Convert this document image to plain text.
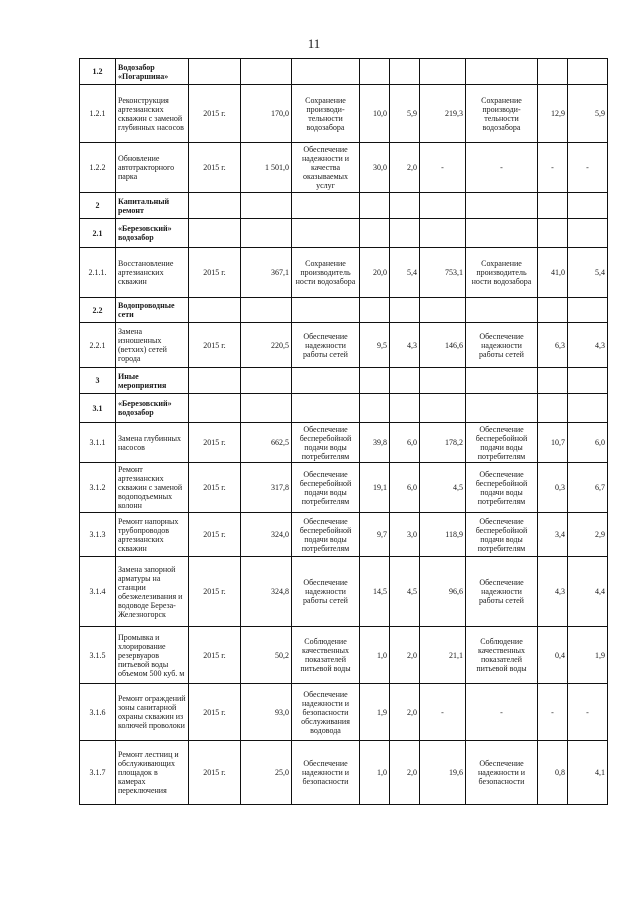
11
1.2	Водозабор «Погаршина»									
1.2.1	Реконструкция артезианских скважин с заменой глубинных насосов	2015 г.	170,0	Сохранение производи-тельности водозабора	10,0	5,9	219,3	Сохранение производи-тельности водозабора	12,9	5,9
1.2.2	Обновление автотракторного парка	2015 г.	1 501,0	Обеспечение надежности и качества оказываемых услуг	30,0	2,0	-	-	-	-
2	Капитальный ремонт									
2.1	«Березовский» водозабор									
2.1.1.	Восстановление артезианских скважин	2015 г.	367,1	Сохранение производитель ности водозабора	20,0	5,4	753,1	Сохранение производитель ности водозабора	41,0	5,4
2.2	Водопроводные сети									
2.2.1	Замена изношенных (ветхих) сетей города	2015 г.	220,5	Обеспечение надежности работы сетей	9,5	4,3	146,6	Обеспечение надежности работы сетей	6,3	4,3
3	Иные мероприятия									
3.1	«Березовский» водозабор									
3.1.1	Замена глубинных насосов	2015 г.	662,5	Обеспечение бесперебойной подачи воды потребителям	39,8	6,0	178,2	Обеспечение бесперебойной подачи воды потребителям	10,7	6,0
3.1.2	Ремонт артезианских скважин с заменой водоподъемных колонн	2015 г.	317,8	Обеспечение бесперебойной подачи воды потребителям	19,1	6,0	4,5	Обеспечение бесперебойной подачи воды потребителям	0,3	6,7
3.1.3	Ремонт напорных трубопроводов артезианских скважин	2015 г.	324,0	Обеспечение бесперебойной подачи воды потребителям	9,7	3,0	118,9	Обеспечение бесперебойной подачи воды потребителям	3,4	2,9
3.1.4	Замена запорной арматуры на станции обезжелезивания и водоводе Береза-Железногорск	2015 г.	324,8	Обеспечение надежности работы сетей	14,5	4,5	96,6	Обеспечение надежности работы сетей	4,3	4,4
3.1.5	Промывка и хлорирование резервуаров питьевой воды объемом 500 куб. м	2015 г.	50,2	Соблюдение качественных показателей питьевой воды	1,0	2,0	21,1	Соблюдение качественных показателей питьевой воды	0,4	1,9
3.1.6	Ремонт ограждений зоны санитарной охраны скважин из колючей проволоки	2015 г.	93,0	Обеспечение надежности и безопасности обслуживания водовода	1,9	2,0	-	-	-	-
3.1.7	Ремонт лестниц и обслуживающих площадок в камерах переключения	2015 г.	25,0	Обеспечение надежности и безопасности	1,0	2,0	19,6	Обеспечение надежности и безопасности	0,8	4,1
